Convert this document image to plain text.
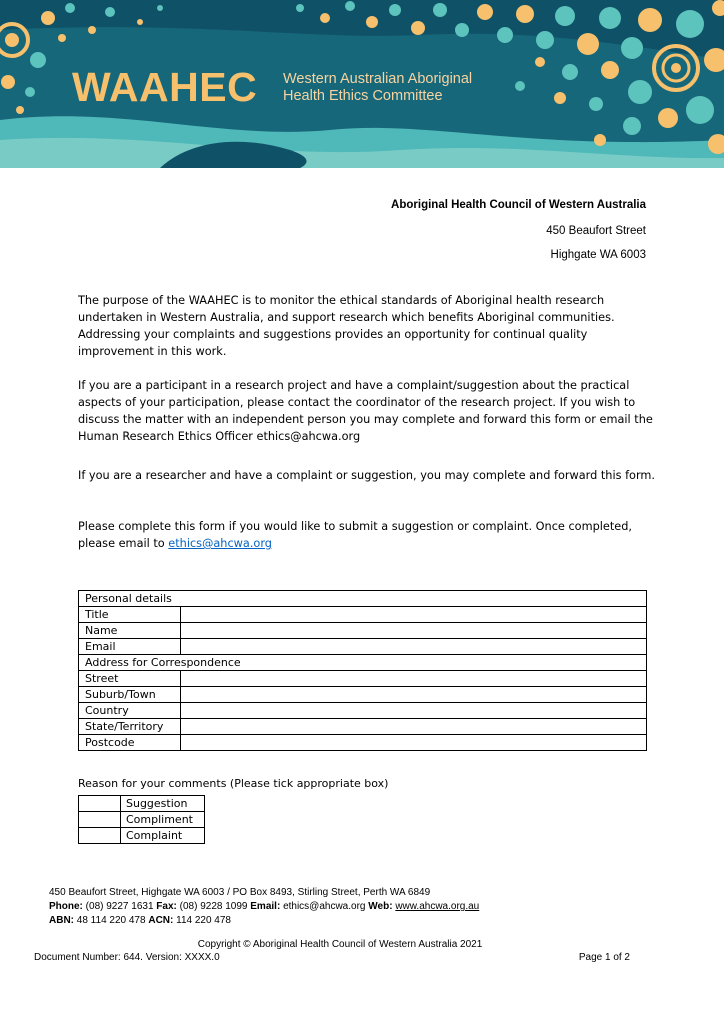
WAAHEC Western Australian Aboriginal
Health Ethics Committee
Aboriginal Health Council of Western Australia
450 Beaufort Street
Highgate WA 6003

The purpose of the WAAHEC is to monitor the ethical standards of Aboriginal health research undertaken in Western Australia, and support research which benefits Aboriginal communities. Addressing your complaints and suggestions provides an opportunity for continual quality improvement in this work.

If you are a participant in a research project and have a complaint/suggestion about the practical aspects of your participation, please contact the coordinator of the research project. If you wish to discuss the matter with an independent person you may complete and forward this form or email the Human Research Ethics Officer ethics@ahcwa.org

If you are a researcher and have a complaint or suggestion, you may complete and forward this form.

Please complete this form if you would like to submit a suggestion or complaint. Once completed, please email to ethics@ahcwa.org

Personal details	
Title	
Name	
Email	
Address for Correspondence	
Street	
Suburb/Town	
Country	
State/Territory	
Postcode	
Reason for your comments (Please tick appropriate box)
	Suggestion
	Compliment
	Complaint
450 Beaufort Street, Highgate WA 6003 / PO Box 8493, Stirling Street, Perth WA 6849
Phone: (08) 9227 1631 Fax: (08) 9228 1099 Email: ethics@ahcwa.org Web: www.ahcwa.org.au
ABN: 48 114 220 478 ACN: 114 220 478
Copyright © Aboriginal Health Council of Western Australia 2021
Document Number: 644. Version: XXXX.0	Page 1 of 2
